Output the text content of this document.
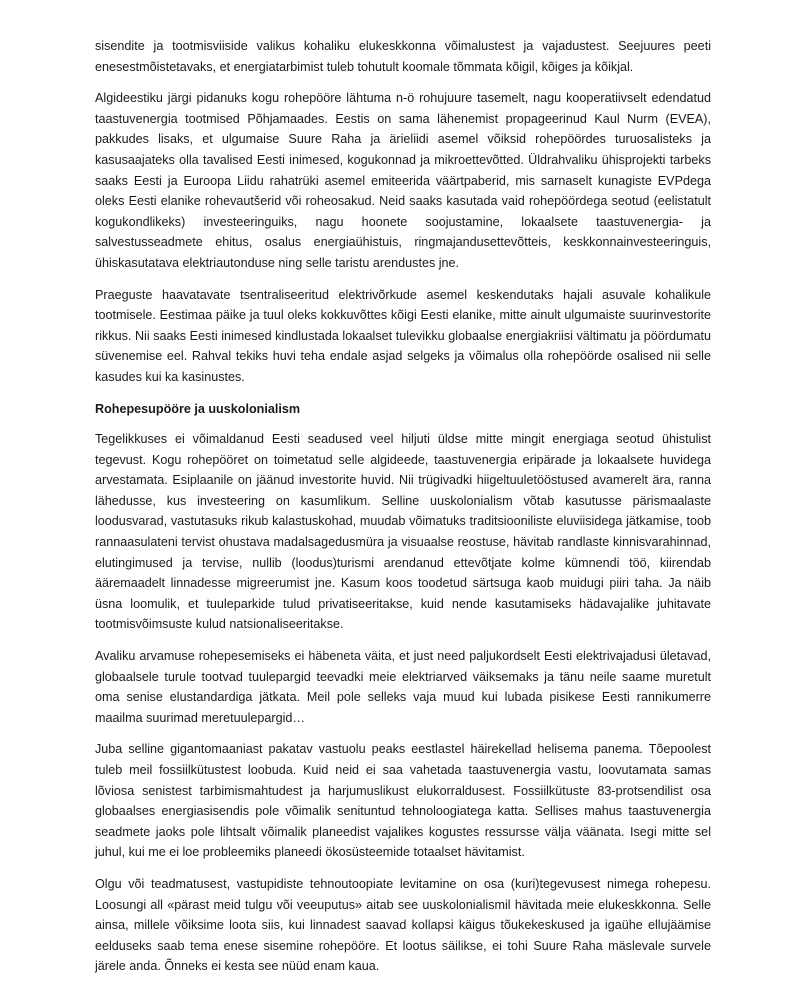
sisendite ja tootmisviiside valikus kohaliku elukeskkonna võimalustest ja vajadustest. Seejuures peeti enesestmõistetavaks, et energiatarbimist tuleb tohutult koomale tõmmata kõigil, kõiges ja kõikjal.

Algideestiku järgi pidanuks kogu rohepööre lähtuma n-ö rohujuure tasemelt, nagu kooperatiivselt edendatud taastuvenergia tootmised Põhjamaades. Eestis on sama lähenemist propageerinud Kaul Nurm (EVEA), pakkudes lisaks, et ulgumaise Suure Raha ja ärieliidi asemel võiksid rohepöördes turuosalisteks ja kasusaajateks olla tavalised Eesti inimesed, kogukonnad ja mikroettevõtted. Üldrahvaliku ühisprojekti tarbeks saaks Eesti ja Euroopa Liidu rahatrüki asemel emiteerida väärtpaberid, mis sarnaselt kunagiste EVPdega oleks Eesti elanike rohevautšerid või roheosakud. Neid saaks kasutada vaid rohepöördega seotud (eelistatult kogukondlikeks) investeeringuiks, nagu hoonete soojustamine, lokaalsete taastuvenergia- ja salvestusseadmete ehitus, osalus energiaühistuis, ringmajandusettevõtteis, keskkonnainvesteeringuis, ühiskasutatava elektriautonduse ning selle taristu arendustes jne.

Praeguste haavatavate tsentraliseeritud elektrivõrkude asemel keskendutaks hajali asuvale kohalikule tootmisele. Eestimaa päike ja tuul oleks kokkuvõttes kõigi Eesti elanike, mitte ainult ulgumaiste suurinvestorite rikkus. Nii saaks Eesti inimesed kindlustada lokaalset tulevikku globaalse energiakriisi vältimatu ja pöördumatu süvenemise eel. Rahval tekiks huvi teha endale asjad selgeks ja võimalus olla rohepöörde osalised nii selle kasudes kui ka kasinustes.

Rohepesupööre ja uuskolonialism

Tegelikkuses ei võimaldanud Eesti seadused veel hiljuti üldse mitte mingit energiaga seotud ühistulist tegevust. Kogu rohepööret on toimetatud selle algideede, taastuvenergia eripärade ja lokaalsete huvidega arvestamata. Esiplaanile on jäänud investorite huvid. Nii trügivadki hiigeltuuletööstused avamerelt ära, ranna lähedusse, kus investeering on kasumlikum. Selline uuskolonialism võtab kasutusse pärismaalaste loodusvarad, vastutasuks rikub kalastuskohad, muudab võimatuks traditsiooniliste eluviisidega jätkamise, toob rannaasulateni tervist ohustava madalsagedusmüra ja visuaalse reostuse, hävitab randlaste kinnisvarahinnad, elutingimused ja tervise, nullib (loodus)turismi arendanud ettevõtjate kolme kümnendi töö, kiirendab ääremaadelt linnadesse migreerumist jne. Kasum koos toodetud särtsuga kaob muidugi piiri taha. Ja näib üsna loomulik, et tuuleparkide tulud privatiseeritakse, kuid nende kasutamiseks hädavajalike juhitavate tootmisvõimsuste kulud natsionaliseeritakse.

Avaliku arvamuse rohepesemiseks ei häbeneta väita, et just need paljukordselt Eesti elektrivajadusi ületavad, globaalsele turule tootvad tuulepargid teevadki meie elektriarved väiksemaks ja tänu neile saame muretult oma senise elustandardiga jätkata. Meil pole selleks vaja muud kui lubada pisikese Eesti rannikumerre maailma suurimad meretuulepargid…

Juba selline gigantomaaniast pakatav vastuolu peaks eestlastel häirekellad helisema panema. Tõepoolest tuleb meil fossiilkütustest loobuda. Kuid neid ei saa vahetada taastuvenergia vastu, loovutamata samas lõviosa senistest tarbimismahtudest ja harjumuslikust elukorraldusest. Fossiilkütuste 83-protsendilist osa globaalses energiasisendis pole võimalik senituntud tehnoloogiatega katta. Sellises mahus taastuvenergia seadmete jaoks pole lihtsalt võimalik planeedist vajalikes kogustes ressursse välja väänata. Isegi mitte sel juhul, kui me ei loe probleemiks planeedi ökosüsteemide totaalset hävitamist.

Olgu või teadmatusest, vastupidiste tehnoutoopiate levitamine on osa (kuri)tegevusest nimega rohepesu. Loosungi all «pärast meid tulgu või veeuputus» aitab see uuskolonialismil hävitada meie elukeskkonna. Selle ainsa, millele võiksime loota siis, kui linnadest saavad kollapsi käigus tõukekeskused ja igaühe ellujäämise eelduseks saab tema enese sisemine rohepööre. Et lootus säilikse, ei tohi Suure Raha mäslevale survele järele anda. Õnneks ei kesta see nüüd enam kaua.
